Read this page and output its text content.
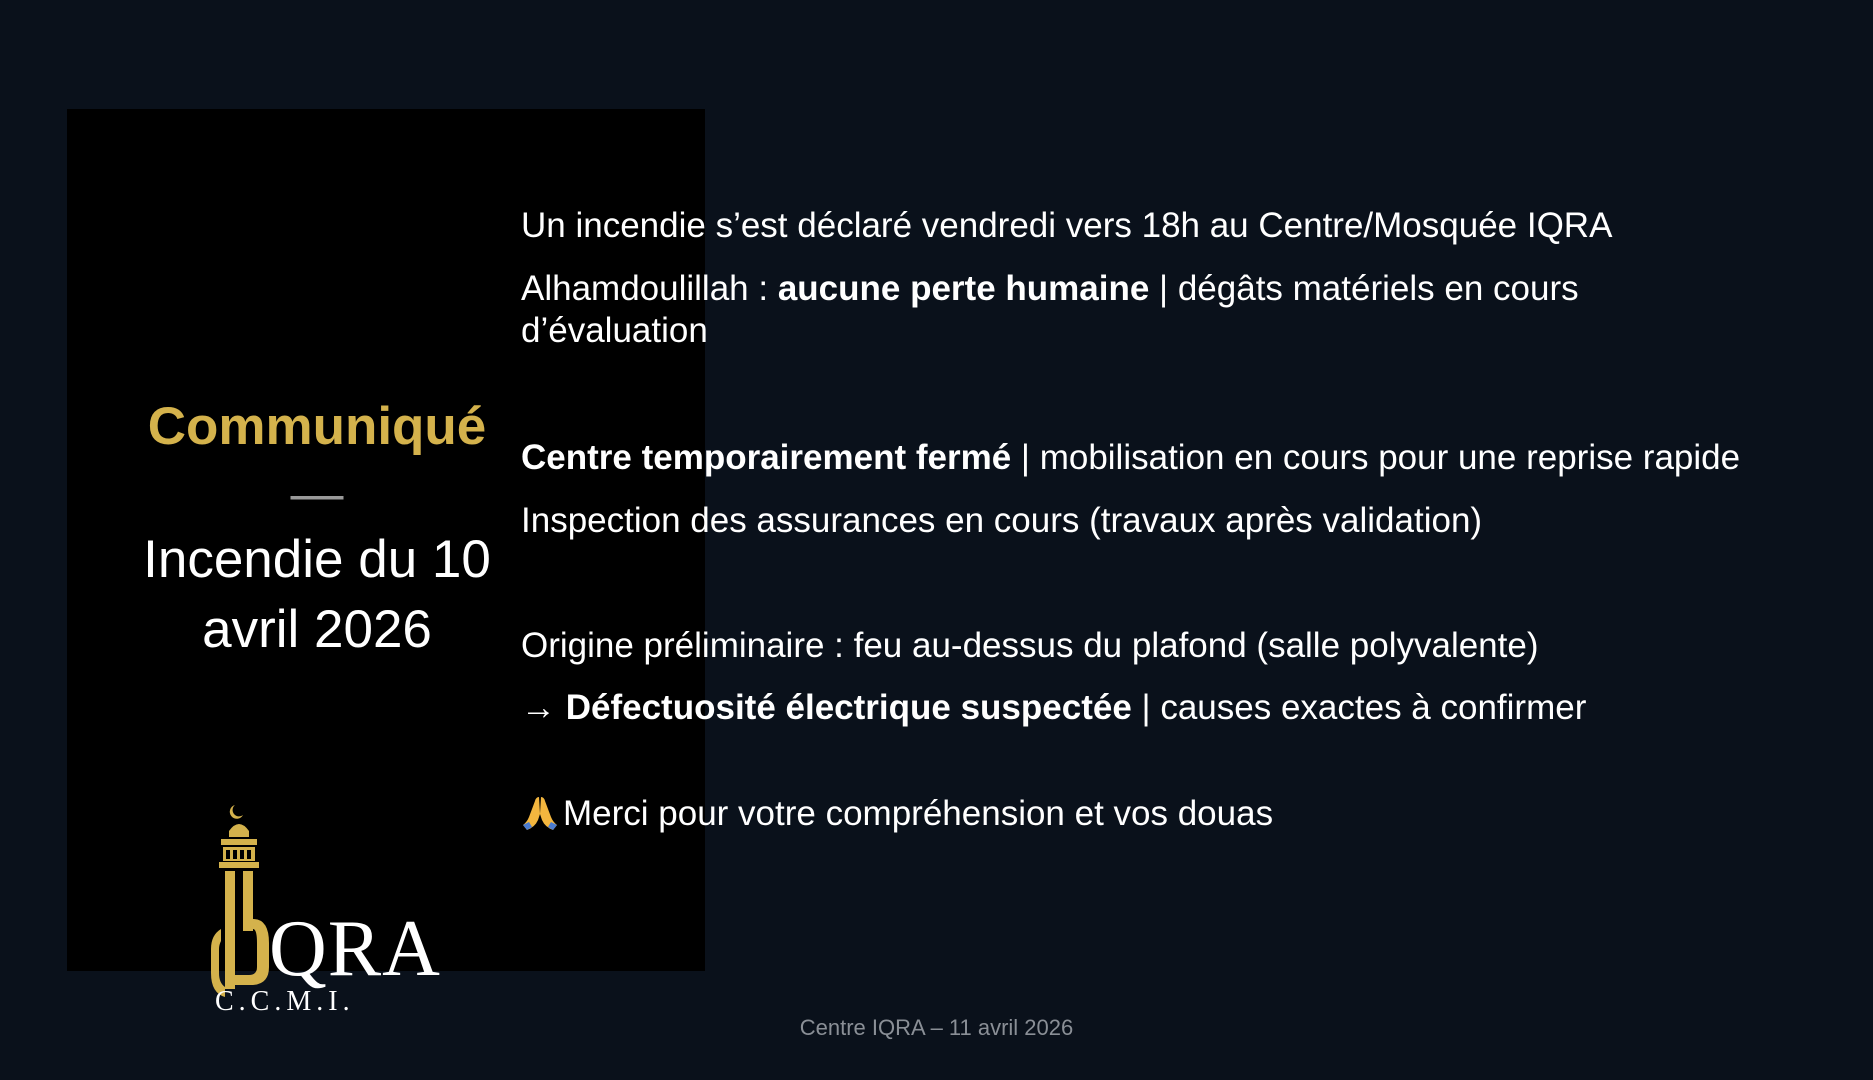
Communiqué
—
Incendie du 10
avril 2026
QRA
C.C.M.I.
Un incendie s’est déclaré vendredi vers 18h au Centre/Mosquée IQRA
Alhamdoulillah : aucune perte humaine | dégâts matériels en cours d’évaluation
Centre temporairement fermé | mobilisation en cours pour une reprise rapide
Inspection des assurances en cours (travaux après validation)
Origine préliminaire : feu au-dessus du plafond (salle polyvalente)
→ Défectuosité électrique suspectée | causes exactes à confirmer
Merci pour votre compréhension et vos douas
Centre IQRA – 11 avril 2026
